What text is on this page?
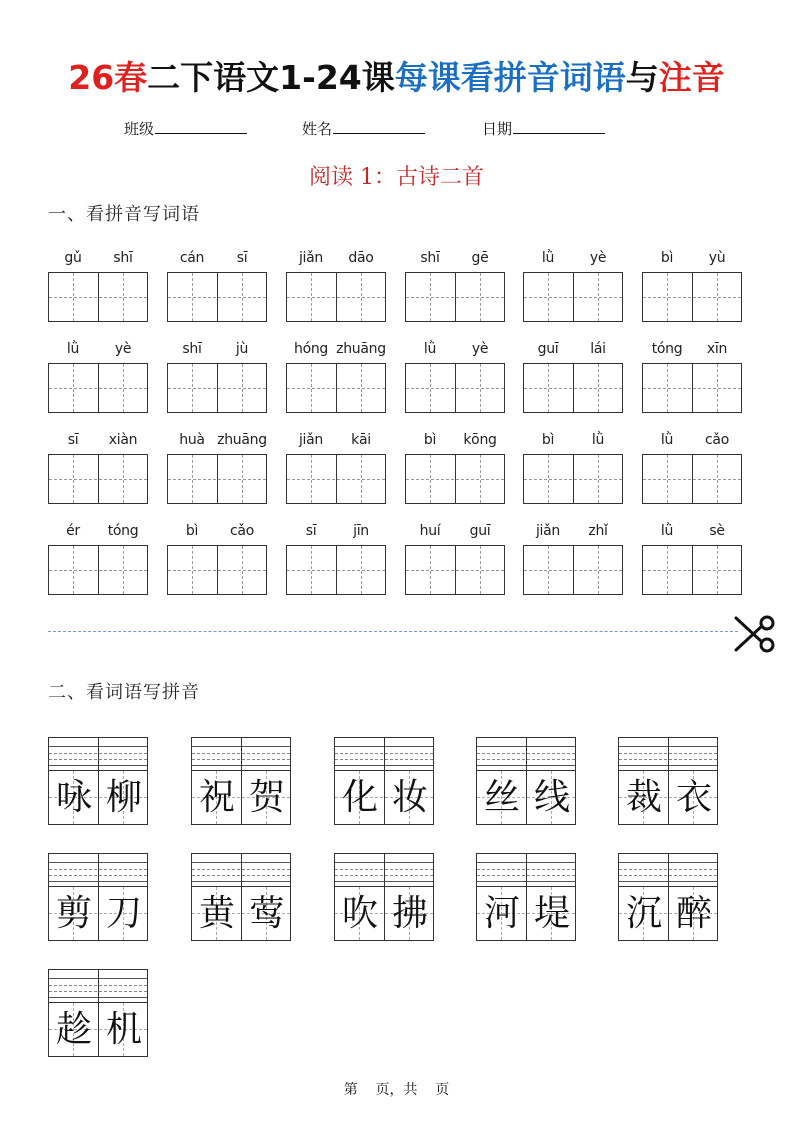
26春二下语文1-24课每课看拼音词语与注音
班级	姓名	日期
阅读 1：古诗二首
一、看拼音写词语
gǔ	shī	cán	sī	jiǎn	dāo	shī	gē	lǜ	yè	bì	yù
lǜ	yè	shī	jù	hóng zhuāng	lǜ	yè	guī	lái	tóng	xīn
sī	xiàn	huà zhuāng	jiǎn	kāi	bì	kōng	bì	lǜ	lǜ	cǎo
ér	tóng	bì	cǎo	sī	jīn	huí	guī	jiǎn	zhǐ	lǜ	sè
二、看词语写拼音
咏 柳 祝 贺 化 妆 丝 线 裁 衣
剪 刀 黄 莺 吹 拂 河 堤 沉 醉
趁 机
第    页，共    页
